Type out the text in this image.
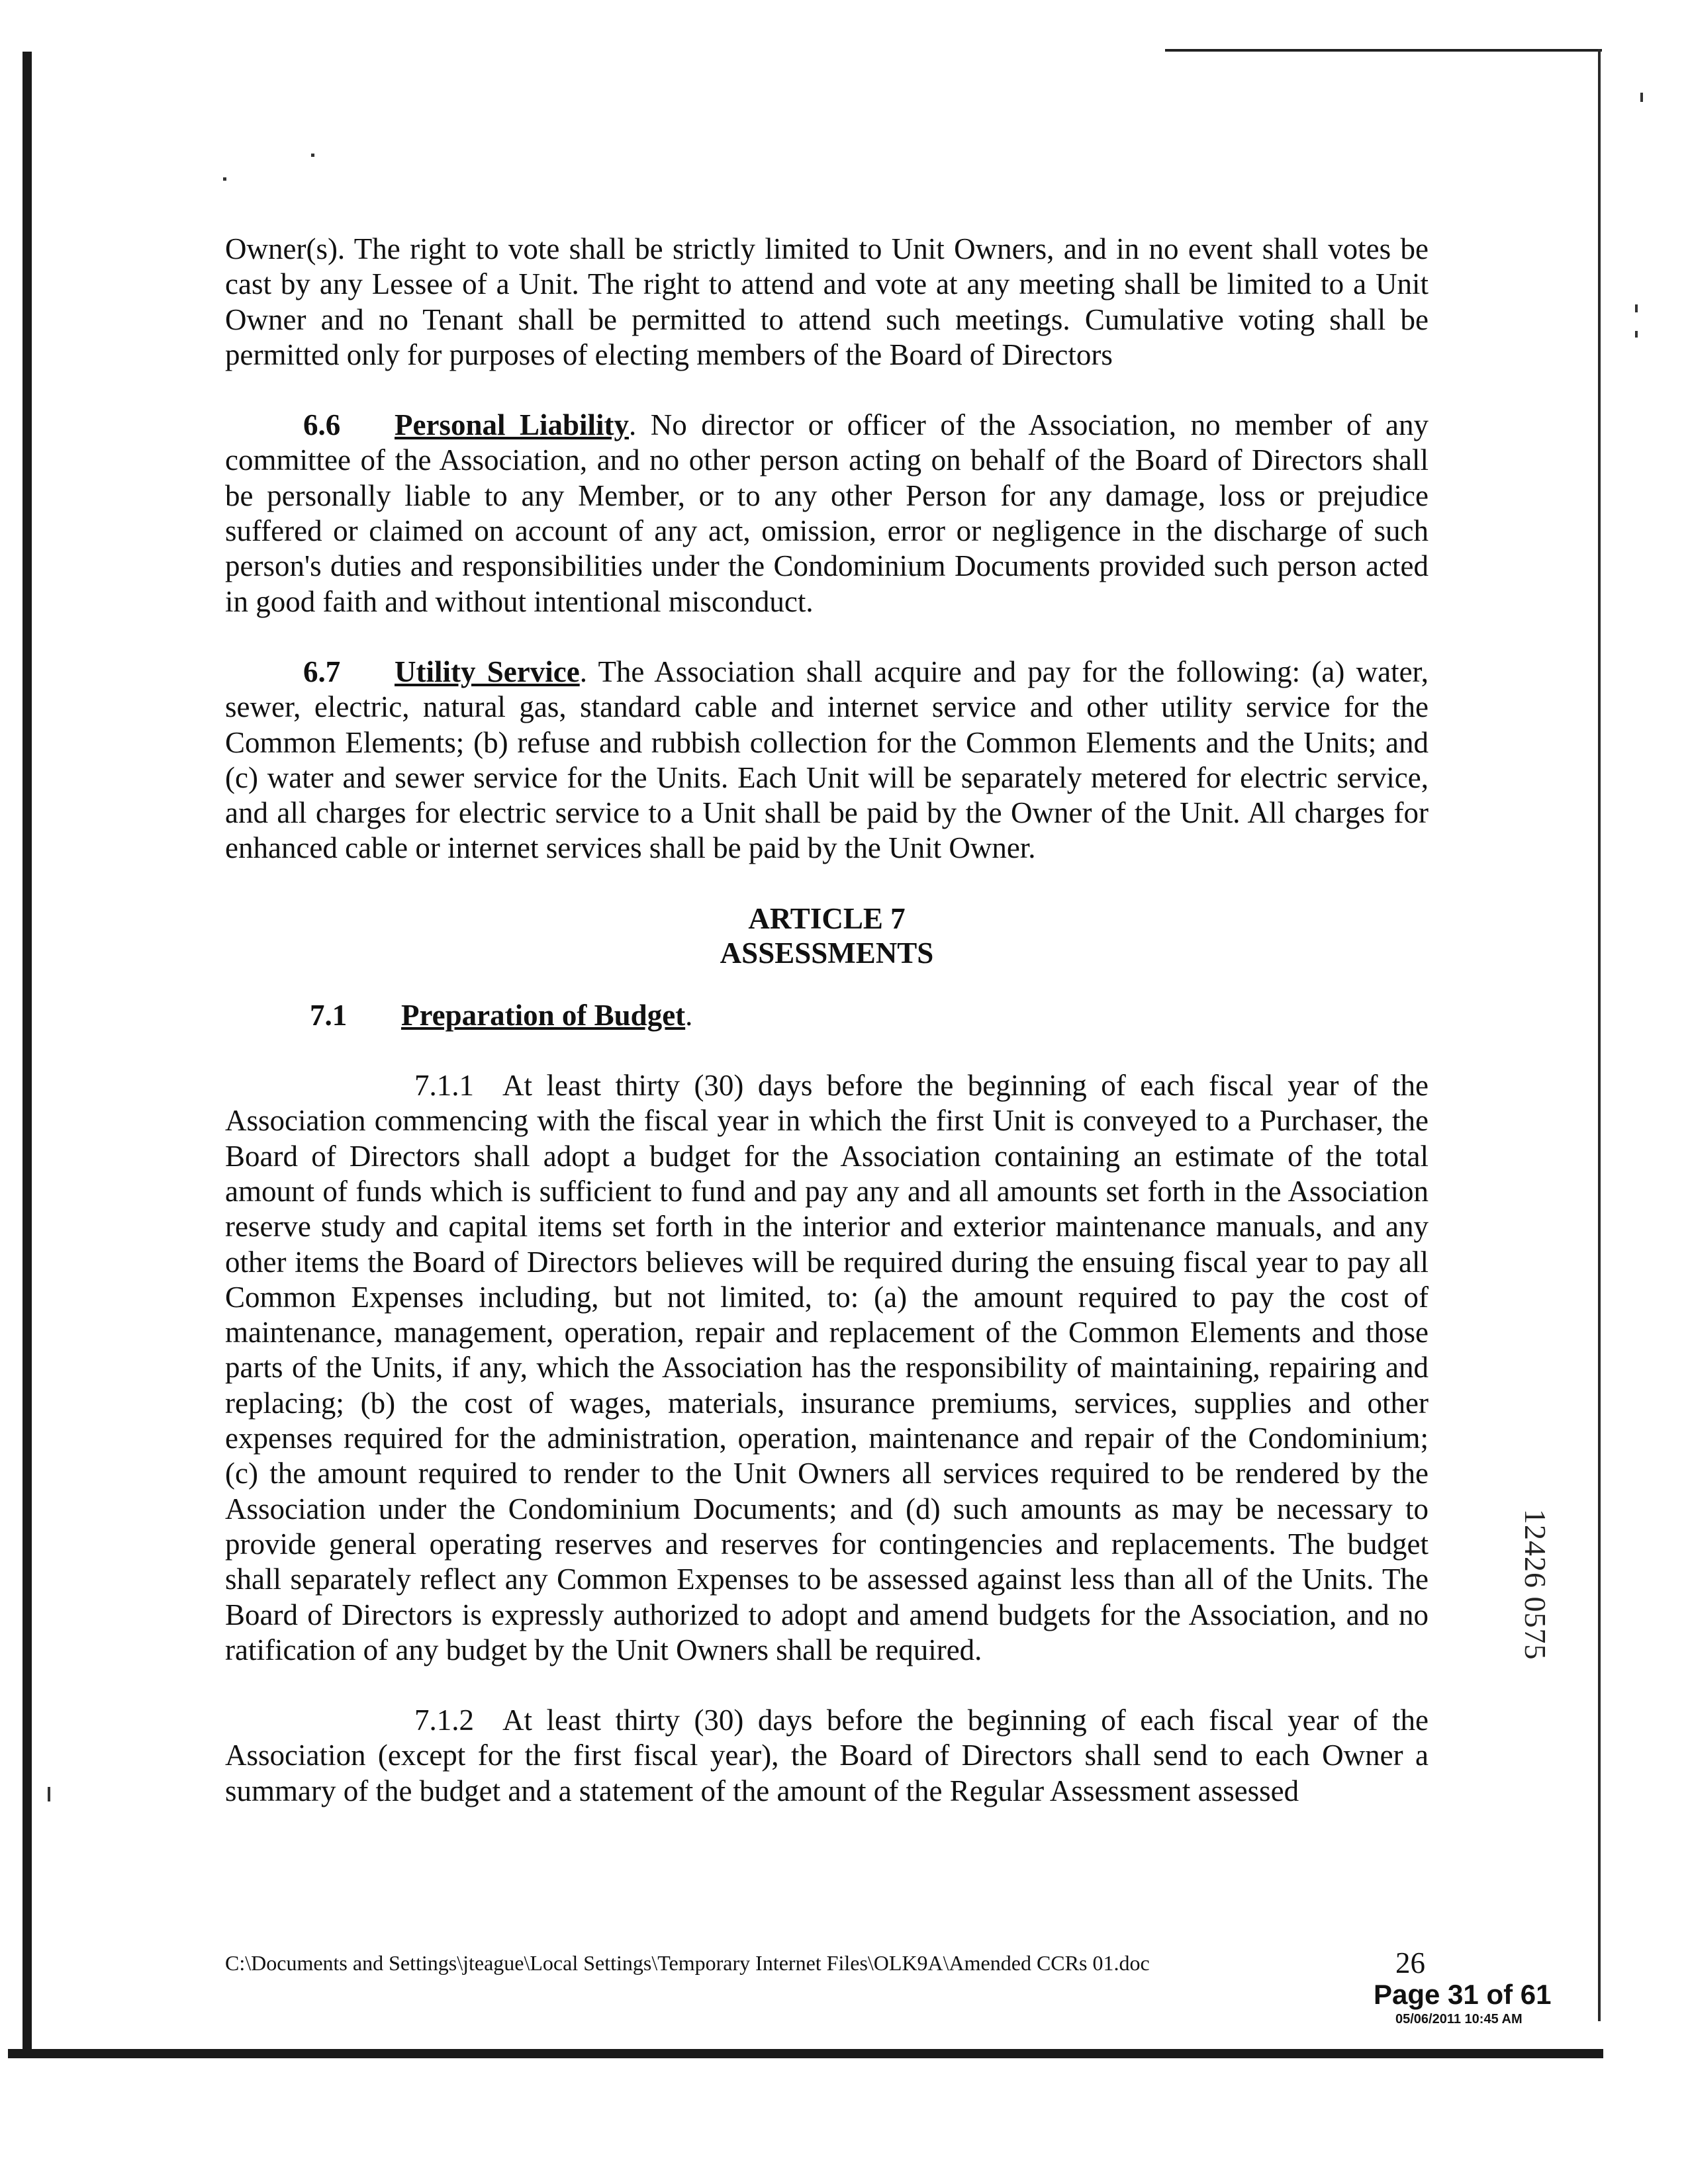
Owner(s). The right to vote shall be strictly limited to Unit Owners, and in no event shall votes be cast by any Lessee of a Unit. The right to attend and vote at any meeting shall be limited to a Unit Owner and no Tenant shall be permitted to attend such meetings. Cumulative voting shall be permitted only for purposes of electing members of the Board of Directors

6.6 Personal Liability. No director or officer of the Association, no member of any committee of the Association, and no other person acting on behalf of the Board of Directors shall be personally liable to any Member, or to any other Person for any damage, loss or prejudice suffered or claimed on account of any act, omission, error or negligence in the discharge of such person's duties and responsibilities under the Condominium Documents provided such person acted in good faith and without intentional misconduct.

6.7 Utility Service. The Association shall acquire and pay for the following: (a) water, sewer, electric, natural gas, standard cable and internet service and other utility service for the Common Elements; (b) refuse and rubbish collection for the Common Elements and the Units; and (c) water and sewer service for the Units. Each Unit will be separately metered for electric service, and all charges for electric service to a Unit shall be paid by the Owner of the Unit. All charges for enhanced cable or internet services shall be paid by the Unit Owner.

ARTICLE 7
ASSESSMENTS

7.1 Preparation of Budget.

7.1.1 At least thirty (30) days before the beginning of each fiscal year of the Association commencing with the fiscal year in which the first Unit is conveyed to a Purchaser, the Board of Directors shall adopt a budget for the Association containing an estimate of the total amount of funds which is sufficient to fund and pay any and all amounts set forth in the Association reserve study and capital items set forth in the interior and exterior maintenance manuals, and any other items the Board of Directors believes will be required during the ensuing fiscal year to pay all Common Expenses including, but not limited, to: (a) the amount required to pay the cost of maintenance, management, operation, repair and replacement of the Common Elements and those parts of the Units, if any, which the Association has the responsibility of maintaining, repairing and replacing; (b) the cost of wages, materials, insurance premiums, services, supplies and other expenses required for the administration, operation, maintenance and repair of the Condominium; (c) the amount required to render to the Unit Owners all services required to be rendered by the Association under the Condominium Documents; and (d) such amounts as may be necessary to provide general operating reserves and reserves for contingencies and replacements. The budget shall separately reflect any Common Expenses to be assessed against less than all of the Units. The Board of Directors is expressly authorized to adopt and amend budgets for the Association, and no ratification of any budget by the Unit Owners shall be required.

7.1.2 At least thirty (30) days before the beginning of each fiscal year of the Association (except for the first fiscal year), the Board of Directors shall send to each Owner a summary of the budget and a statement of the amount of the Regular Assessment assessed

C:\Documents and Settings\jteague\Local Settings\Temporary Internet Files\OLK9A\Amended CCRs 01.doc	26
Page 31 of 61
05/06/2011 10:45 AM
12426 0575
